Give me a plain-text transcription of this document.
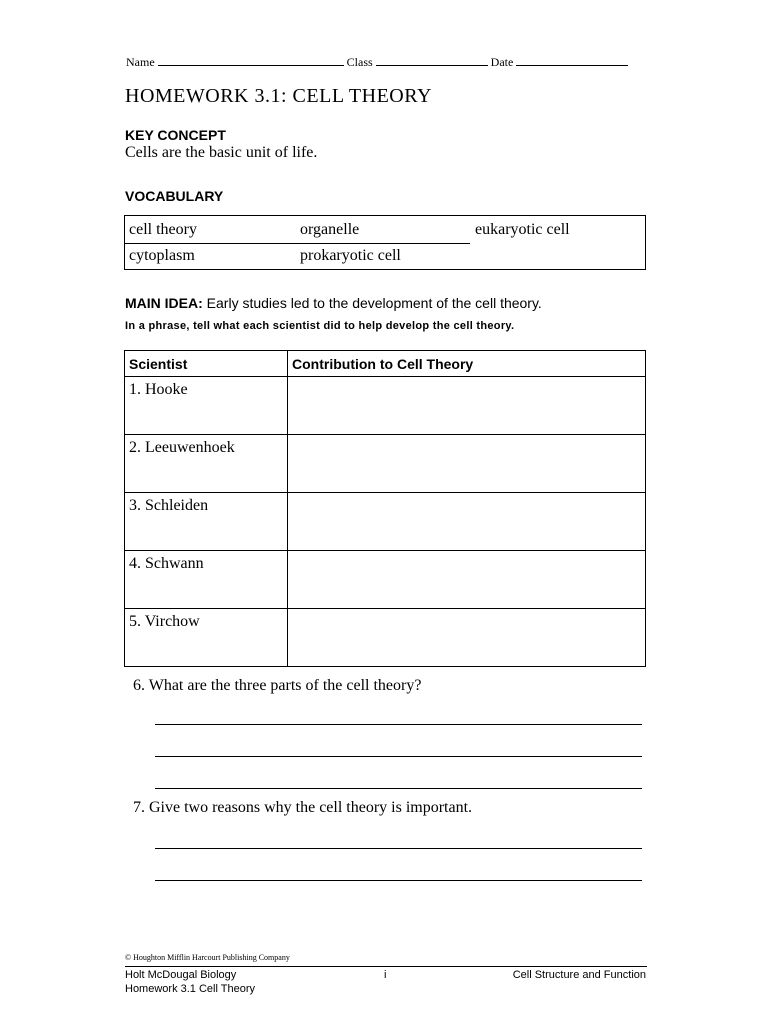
Name	Class	Date
HOMEWORK 3.1: CELL THEORY
KEY CONCEPT
Cells are the basic unit of life.
VOCABULARY
cell theory	organelle	eukaryotic cell
cytoplasm	prokaryotic cell
MAIN IDEA: Early studies led to the development of the cell theory.
In a phrase, tell what each scientist did to help develop the cell theory.
Scientist	Contribution to Cell Theory
1. Hooke	
2. Leeuwenhoek	
3. Schleiden	
4. Schwann	
5. Virchow	
6. What are the three parts of the cell theory?
7. Give two reasons why the cell theory is important.
© Houghton Mifflin Harcourt Publishing Company
Holt McDougal Biology
Homework 3.1 Cell Theory
i	Cell Structure and Function
